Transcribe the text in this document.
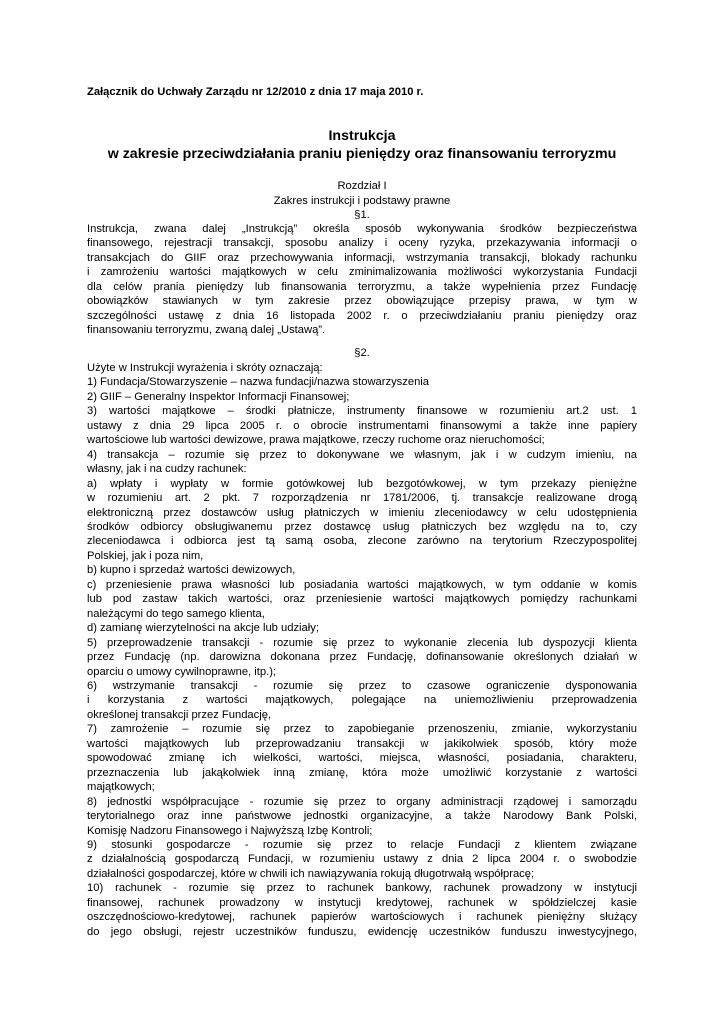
Załącznik do Uchwały Zarządu nr 12/2010 z dnia 17 maja 2010 r.
Instrukcja
w zakresie przeciwdziałania praniu pieniędzy oraz finansowaniu terroryzmu
Rozdział I
Zakres instrukcji i podstawy prawne
§1.
Instrukcja, zwana dalej „Instrukcją” określa sposób wykonywania środków bezpieczeństwa
finansowego, rejestracji transakcji, sposobu analizy i oceny ryzyka, przekazywania informacji o
transakcjach do GIIF oraz przechowywania informacji, wstrzymania transakcji, blokady rachunku
i zamrożeniu wartości majątkowych w celu zminimalizowania możliwości wykorzystania Fundacji
dla celów prania pieniędzy lub finansowania terroryzmu, a także wypełnienia przez Fundację
obowiązków stawianych w tym zakresie przez obowiązujące przepisy prawa, w tym w
szczególności ustawę z dnia 16 listopada 2002 r. o przeciwdziałaniu praniu pieniędzy oraz
finansowaniu terroryzmu, zwaną dalej „Ustawą”.
§2.
Użyte w Instrukcji wyrażenia i skróty oznaczają:
1) Fundacja/Stowarzyszenie – nazwa fundacji/nazwa stowarzyszenia
2) GIIF – Generalny Inspektor Informacji Finansowej;
3) wartości majątkowe – środki płatnicze, instrumenty finansowe w rozumieniu art.2 ust. 1
ustawy z dnia 29 lipca 2005 r. o obrocie instrumentami finansowymi a także inne papiery
wartościowe lub wartości dewizowe, prawa majątkowe, rzeczy ruchome oraz nieruchomości;
4) transakcja – rozumie się przez to dokonywane we własnym, jak i w cudzym imieniu, na
własny, jak i na cudzy rachunek:
a) wpłaty i wypłaty w formie gotówkowej lub bezgotówkowej, w tym przekazy pieniężne
w rozumieniu art. 2 pkt. 7 rozporządzenia nr 1781/2006, tj. transakcje realizowane drogą
elektroniczną przez dostawców usług płatniczych w imieniu zleceniodawcy w celu udostępnienia
środków odbiorcy obsługiwanemu przez dostawcę usług płatniczych bez względu na to, czy
zleceniodawca i odbiorca jest tą samą osoba, zlecone zarówno na terytorium Rzeczypospolitej
Polskiej, jak i poza nim,
b) kupno i sprzedaż wartości dewizowych,
c) przeniesienie prawa własności lub posiadania wartości majątkowych, w tym oddanie w komis
lub pod zastaw takich wartości, oraz przeniesienie wartości majątkowych pomiędzy rachunkami
należącymi do tego samego klienta,
d) zamianę wierzytelności na akcje lub udziały;
5) przeprowadzenie transakcji - rozumie się przez to wykonanie zlecenia lub dyspozycji klienta
przez Fundację (np. darowizna dokonana przez Fundację, dofinansowanie określonych działań w
oparciu o umowy cywilnoprawne, itp.);
6) wstrzymanie transakcji - rozumie się przez to czasowe ograniczenie dysponowania
i korzystania z wartości majątkowych, polegające na uniemożliwieniu przeprowadzenia
określonej transakcji przez Fundację,
7) zamrożenie – rozumie się przez to zapobieganie przenoszeniu, zmianie, wykorzystaniu
wartości majątkowych lub przeprowadzaniu transakcji w jakikolwiek sposób, który może
spowodować zmianę ich wielkości, wartości, miejsca, własności, posiadania, charakteru,
przeznaczenia lub jakąkolwiek inną zmianę, która może umożliwić korzystanie z wartości
majątkowych;
8) jednostki współpracujące - rozumie się przez to organy administracji rządowej i samorządu
terytorialnego oraz inne państwowe jednostki organizacyjne, a także Narodowy Bank Polski,
Komisję Nadzoru Finansowego i Najwyższą Izbę Kontroli;
9) stosunki gospodarcze - rozumie się przez to relacje Fundacji z klientem związane
z działalnością gospodarczą Fundacji, w rozumieniu ustawy z dnia 2 lipca 2004 r. o swobodzie
działalności gospodarczej, które w chwili ich nawiązywania rokują długotrwałą współpracę;
10) rachunek - rozumie się przez to rachunek bankowy, rachunek prowadzony w instytucji
finansowej, rachunek prowadzony w instytucji kredytowej, rachunek w spółdzielczej kasie
oszczędnościowo-kredytowej, rachunek papierów wartościowych i rachunek pieniężny służący
do jego obsługi, rejestr uczestników funduszu, ewidencję uczestników funduszu inwestycyjnego,
